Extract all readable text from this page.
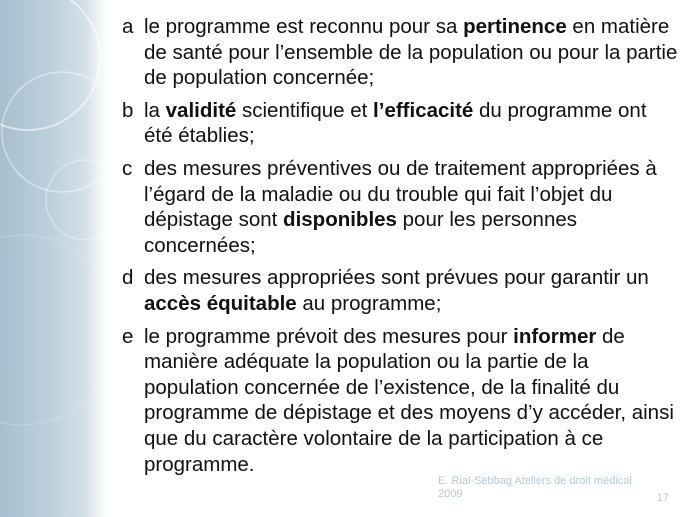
a le programme est reconnu pour sa pertinence en matière de santé pour l’ensemble de la population ou pour la partie de population concernée;
b la validité scientifique et l’efficacité du programme ont été établies;
c des mesures préventives ou de traitement appropriées à l’égard de la maladie ou du trouble qui fait l’objet du dépistage sont disponibles pour les personnes concernées;
d des mesures appropriées sont prévues pour garantir un accès équitable au programme;
e le programme prévoit des mesures pour informer de manière adéquate la population ou la partie de la population concernée de l’existence, de la finalité du programme de dépistage et des moyens d’y accéder, ainsi que du caractère volontaire de la participation à ce programme.
E. Rial-Sebbag Ateliers de droit médical
2009	17
